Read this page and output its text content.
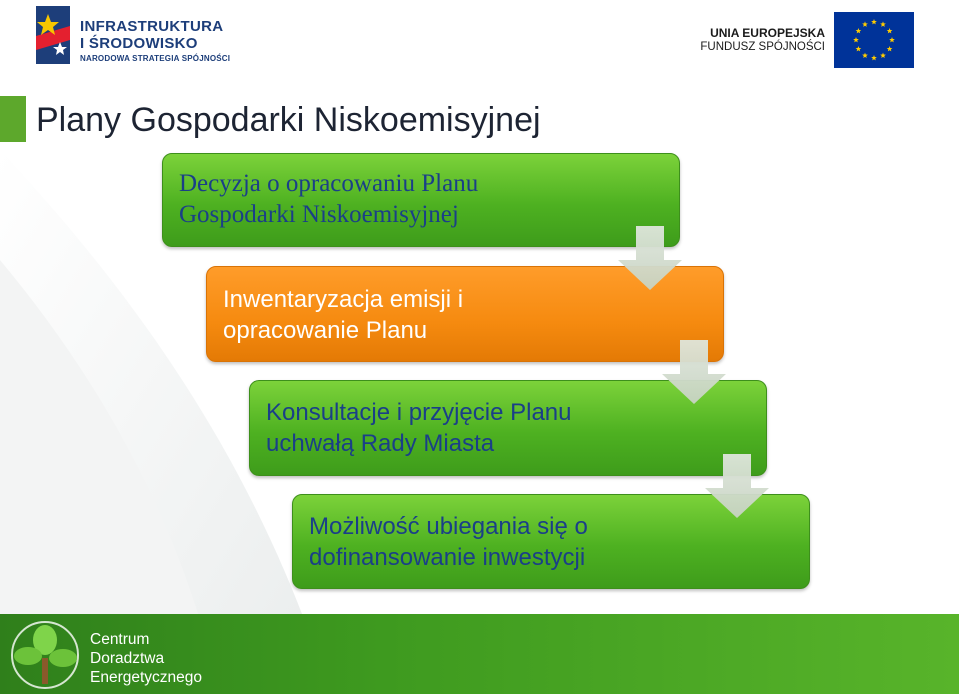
INFRASTRUKTURA
I ŚRODOWISKO
NARODOWA STRATEGIA SPÓJNOŚCI
UNIA EUROPEJSKA
FUNDUSZ SPÓJNOŚCI
Plany Gospodarki Niskoemisyjnej
Decyzja o opracowaniu Planu
Gospodarki Niskoemisyjnej
Inwentaryzacja emisji i
opracowanie Planu
Konsultacje i przyjęcie Planu
uchwałą Rady Miasta
Możliwość ubiegania się o
dofinansowanie inwestycji
Centrum
Doradztwa
Energetycznego
